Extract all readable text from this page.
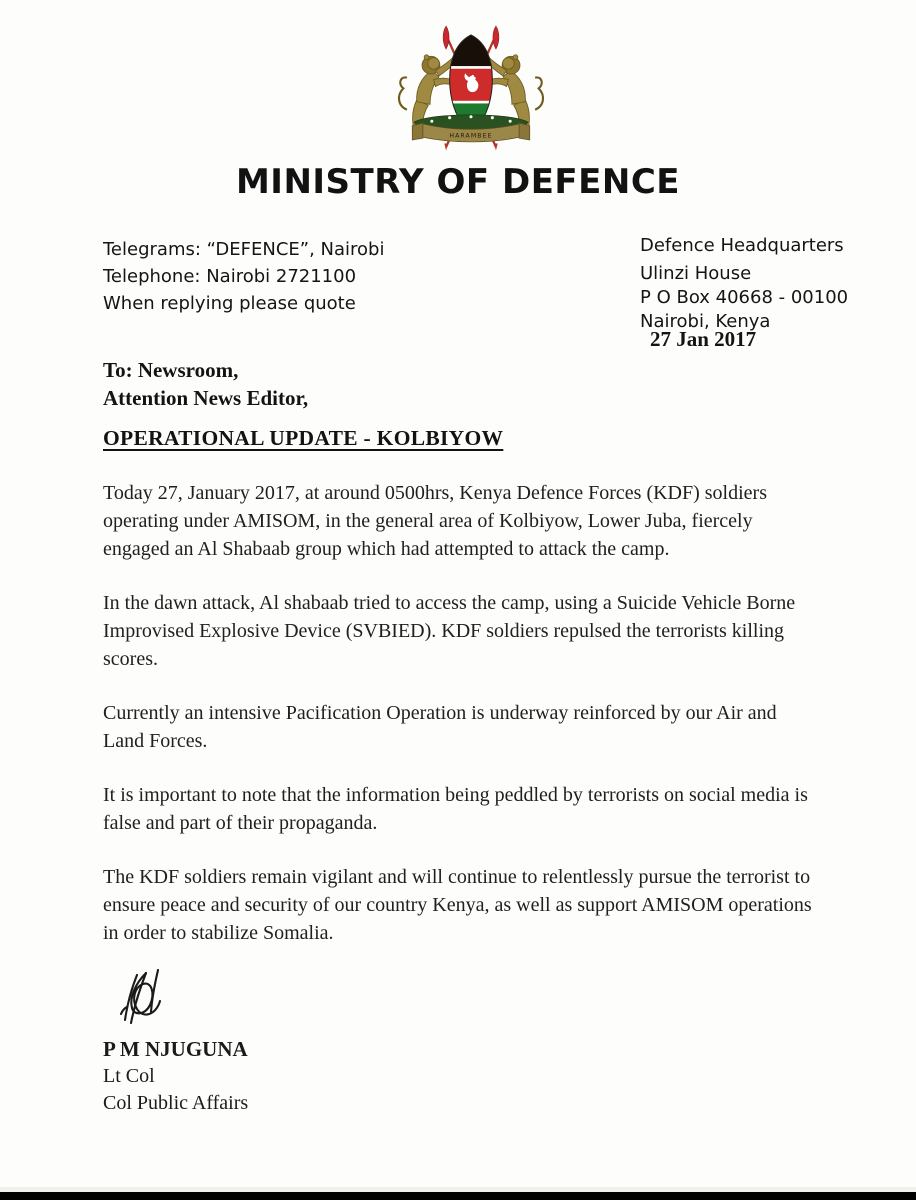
HARAMBEE
MINISTRY OF DEFENCE
Telegrams: “DEFENCE”, Nairobi
Telephone: Nairobi 2721100
When replying please quote
Defence Headquarters
Ulinzi House
P O Box 40668 - 00100
Nairobi, Kenya
27 Jan 2017
To: Newsroom,
Attention News Editor,
OPERATIONAL UPDATE - KOLBIYOW

Today 27, January 2017, at around 0500hrs, Kenya Defence Forces (KDF) soldiers operating under AMISOM, in the general area of Kolbiyow, Lower Juba, fiercely engaged an Al Shabaab group which had attempted to attack the camp.

In the dawn attack, Al shabaab tried to access the camp, using a Suicide Vehicle Borne Improvised Explosive Device (SVBIED). KDF soldiers repulsed the terrorists killing scores.

Currently an intensive Pacification Operation is underway reinforced by our Air and Land Forces.

It is important to note that the information being peddled by terrorists on social media is false and part of their propaganda.

The KDF soldiers remain vigilant and will continue to relentlessly pursue the terrorist to ensure peace and security of our country Kenya, as well as support AMISOM operations in order to stabilize Somalia.

P M NJUGUNA
Lt Col
Col Public Affairs
